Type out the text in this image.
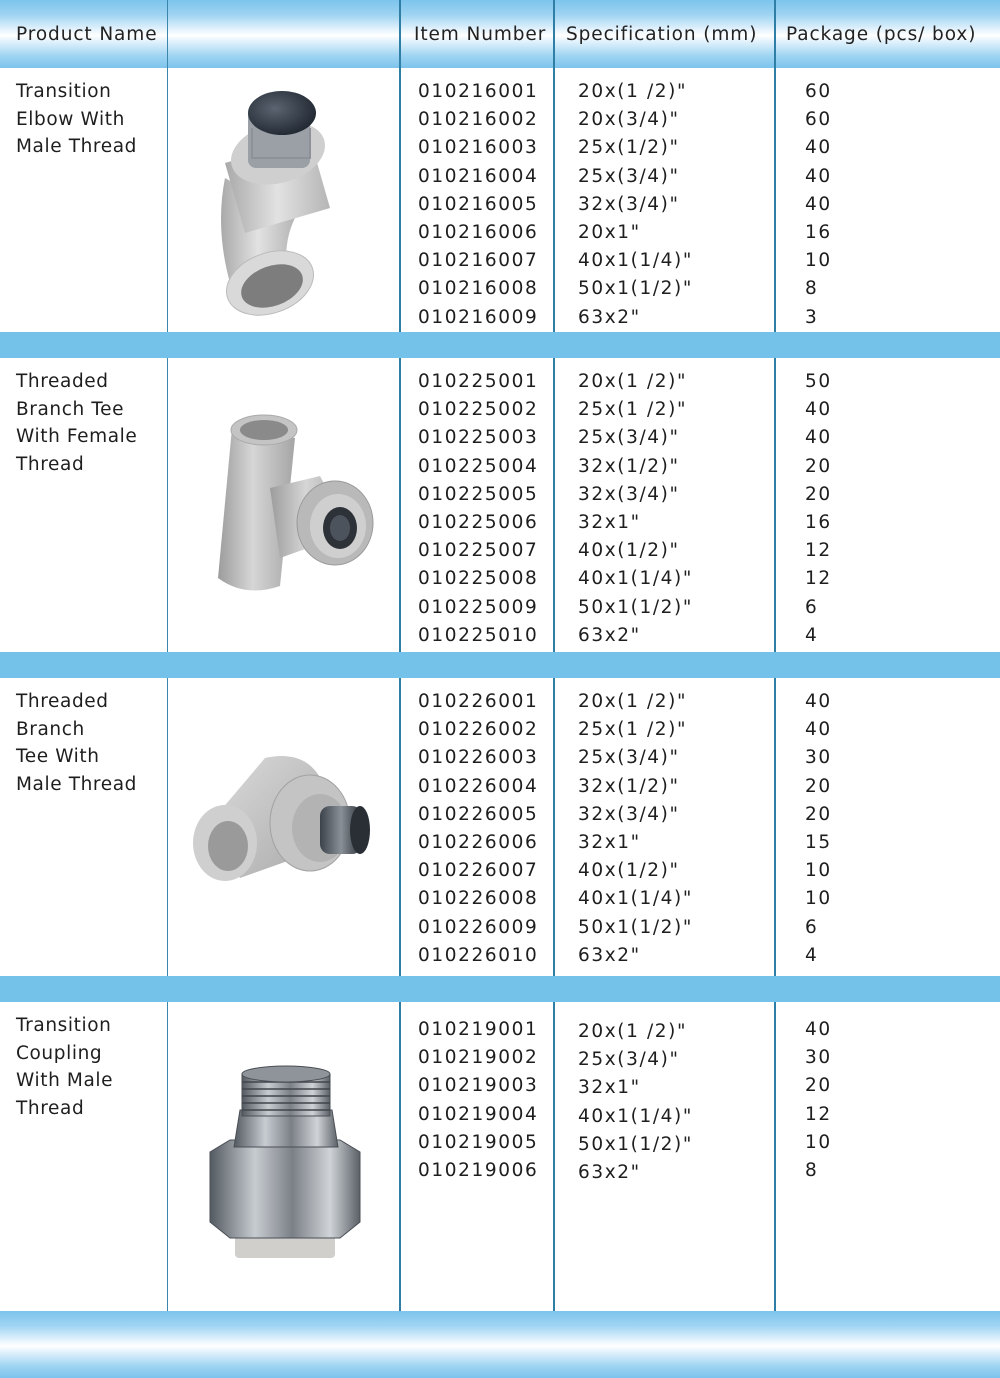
Product Name	Item Number Specification (mm) Package (pcs/ box)
Transition
Elbow With
Male Thread
010216001
010216002
010216003
010216004
010216005
010216006
010216007
010216008
010216009
20x(1 /2)"
20x(3/4)"
25x(1/2)"
25x(3/4)"
32x(3/4)"
20x1"
40x1(1/4)"
50x1(1/2)"
63x2"
60
60
40
40
40
16
10
8
3
Threaded
Branch Tee
With Female
Thread
010225001
010225002
010225003
010225004
010225005
010225006
010225007
010225008
010225009
010225010
20x(1 /2)"
25x(1 /2)"
25x(3/4)"
32x(1/2)"
32x(3/4)"
32x1"
40x(1/2)"
40x1(1/4)"
50x1(1/2)"
63x2"
50
40
40
20
20
16
12
12
6
4
Threaded
Branch
Tee With
Male Thread
010226001
010226002
010226003
010226004
010226005
010226006
010226007
010226008
010226009
010226010
20x(1 /2)"
25x(1 /2)"
25x(3/4)"
32x(1/2)"
32x(3/4)"
32x1"
40x(1/2)"
40x1(1/4)"
50x1(1/2)"
63x2"
40
40
30
20
20
15
10
10
6
4
Transition
Coupling
With Male
Thread
010219001
010219002
010219003
010219004
010219005
010219006
20x(1 /2)"
25x(3/4)"
32x1"
40x1(1/4)"
50x1(1/2)"
63x2"
40
30
20
12
10
8
